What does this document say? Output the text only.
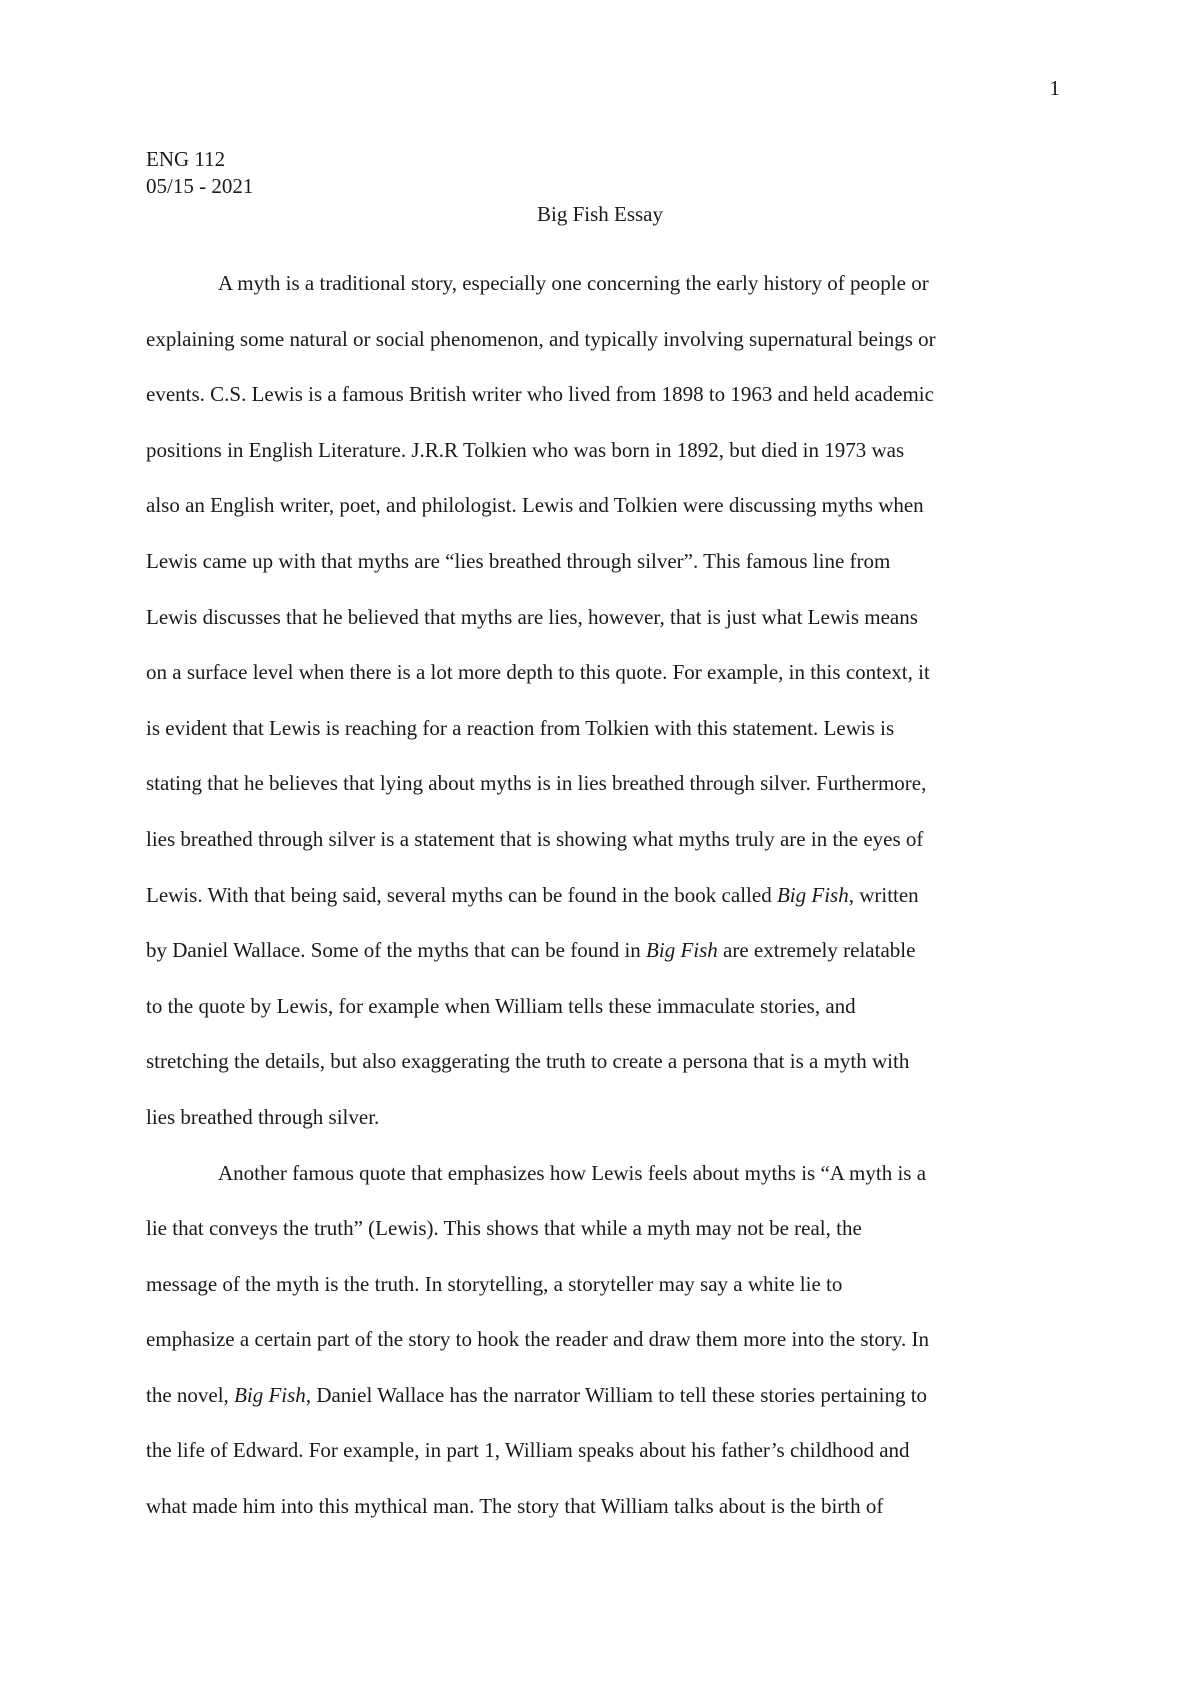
1
ENG 112
05/15 - 2021
Big Fish Essay

A myth is a traditional story, especially one concerning the early history of people or

explaining some natural or social phenomenon, and typically involving supernatural beings or

events. C.S. Lewis is a famous British writer who lived from 1898 to 1963 and held academic

positions in English Literature. J.R.R Tolkien who was born in 1892, but died in 1973 was

also an English writer, poet, and philologist. Lewis and Tolkien were discussing myths when

Lewis came up with that myths are “lies breathed through silver”. This famous line from

Lewis discusses that he believed that myths are lies, however, that is just what Lewis means

on a surface level when there is a lot more depth to this quote. For example, in this context, it

is evident that Lewis is reaching for a reaction from Tolkien with this statement. Lewis is

stating that he believes that lying about myths is in lies breathed through silver. Furthermore,

lies breathed through silver is a statement that is showing what myths truly are in the eyes of

Lewis. With that being said, several myths can be found in the book called Big Fish, written

by Daniel Wallace. Some of the myths that can be found in Big Fish are extremely relatable

to the quote by Lewis, for example when William tells these immaculate stories, and

stretching the details, but also exaggerating the truth to create a persona that is a myth with

lies breathed through silver.

Another famous quote that emphasizes how Lewis feels about myths is “A myth is a

lie that conveys the truth” (Lewis). This shows that while a myth may not be real, the

message of the myth is the truth. In storytelling, a storyteller may say a white lie to

emphasize a certain part of the story to hook the reader and draw them more into the story. In

the novel, Big Fish, Daniel Wallace has the narrator William to tell these stories pertaining to

the life of Edward. For example, in part 1, William speaks about his father’s childhood and

what made him into this mythical man. The story that William talks about is the birth of
